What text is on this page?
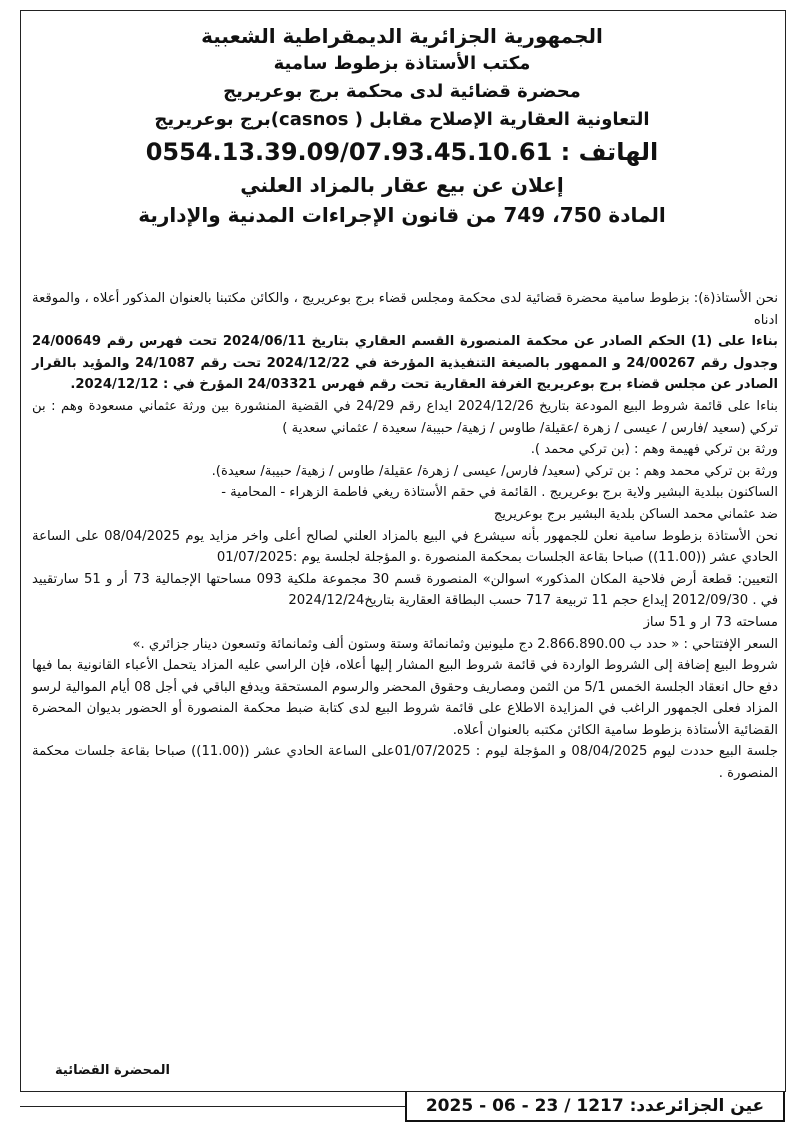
الجمهورية الجزائرية الديمقراطية الشعبية
مكتب الأستاذة بزطوط سامية
محضرة قضائية لدى محكمة برج بوعريريج
التعاونية العقارية الإصلاح مقابل ( casnos)برج بوعريريج
الهاتف : 0554.13.39.09/07.93.45.10.61
إعلان عن بيع عقار بالمزاد العلني
المادة 750، 749 من قانون الإجراءات المدنية والإدارية

نحن الأستاذ(ة): بزطوط سامية محضرة قضائية لدى محكمة ومجلس قضاء برج بوعريريج ، والكائن مكتبنا بالعنوان المذكور أعلاه ، والموقعة ادناه

بناءا على (1) الحكم الصادر عن محكمة المنصورة القسم العقاري بتاريخ 2024/06/11 تحت فهرس رقم 24/00649 وجدول رقم 24/00267 و الممهور بالصيغة التنفيذية المؤرخة في 2024/12/22 تحت رقم 24/1087 والمؤيد بالقرار الصادر عن مجلس قضاء برج بوعريريج الغرفة العقارية تحت رقم فهرس 24/03321 المؤرخ في : 2024/12/12.

بناءا على قائمة شروط البيع المودعة بتاريخ 2024/12/26 ايداع رقم 24/29 في القضية المنشورة بين ورثة عثماني مسعودة وهم : بن تركي (سعيد /فارس / عيسى / زهرة /عقيلة/ طاوس / زهية/ حبيبة/ سعيدة / عثماني سعدية )

ورثة بن تركي فهيمة وهم : (بن تركي محمد ).

ورثة بن تركي محمد وهم : بن تركي (سعيد/ فارس/ عيسى / زهرة/ عقيلة/ طاوس / زهية/ حبيبة/ سعيدة).

الساكنون ببلدية البشير ولاية برج بوعريريج . القائمة في حقم الأستاذة ريغي فاطمة الزهراء - المحامية -

ضد عثماني محمد الساكن بلدية البشير برج بوعريريج

نحن الأستاذة بزطوط سامية نعلن للجمهور بأنه سيشرع في البيع بالمزاد العلني لصالح أعلى واخر مزايد يوم 08/04/2025 على الساعة الحادي عشر ((11.00)) صباحا بقاعة الجلسات بمحكمة المنصورة .و المؤجلة لجلسة يوم :01/07/2025

التعيين: قطعة أرض فلاحية المكان المذكور» اسوالن» المنصورة قسم 30 مجموعة ملكية 093 مساحتها الإجمالية 73 أر و 51 سارتقييد في . 2012/09/30 إيداع حجم 11 تربيعة 717 حسب البطاقة العقارية بتاريخ2024/12/24

مساحته 73 ار و 51 ساز

السعر الإفتتاحي : « حدد ب 2.866.890.00 دج مليونين وثمانمائة وستة وستون ألف وثمانمائة وتسعون دينار جزائري .»

شروط البيع إضافة إلى الشروط الواردة في قائمة شروط البيع المشار إليها أعلاه، فإن الراسي عليه المزاد يتحمل الأعباء القانونية بما فيها دفع حال انعقاد الجلسة الخمس 5/1 من الثمن ومصاريف وحقوق المحضر والرسوم المستحقة ويدفع الباقي في أجل 08 أيام الموالية لرسو المزاد فعلى الجمهور الراغب في المزايدة الاطلاع على قائمة شروط البيع لدى كتابة ضبط محكمة المنصورة أو الحضور بديوان المحضرة القضائية الأستاذة بزطوط سامية الكائن مكتبه بالعنوان أعلاه.

جلسة البيع حددت ليوم 08/04/2025 و المؤجلة ليوم : 01/07/2025على الساعة الحادي عشر ((11.00)) صباحا بقاعة جلسات محكمة المنصورة .

المحضرة القضائية
عين الجزائرعدد: 1217 / 23 - 06 - 2025
